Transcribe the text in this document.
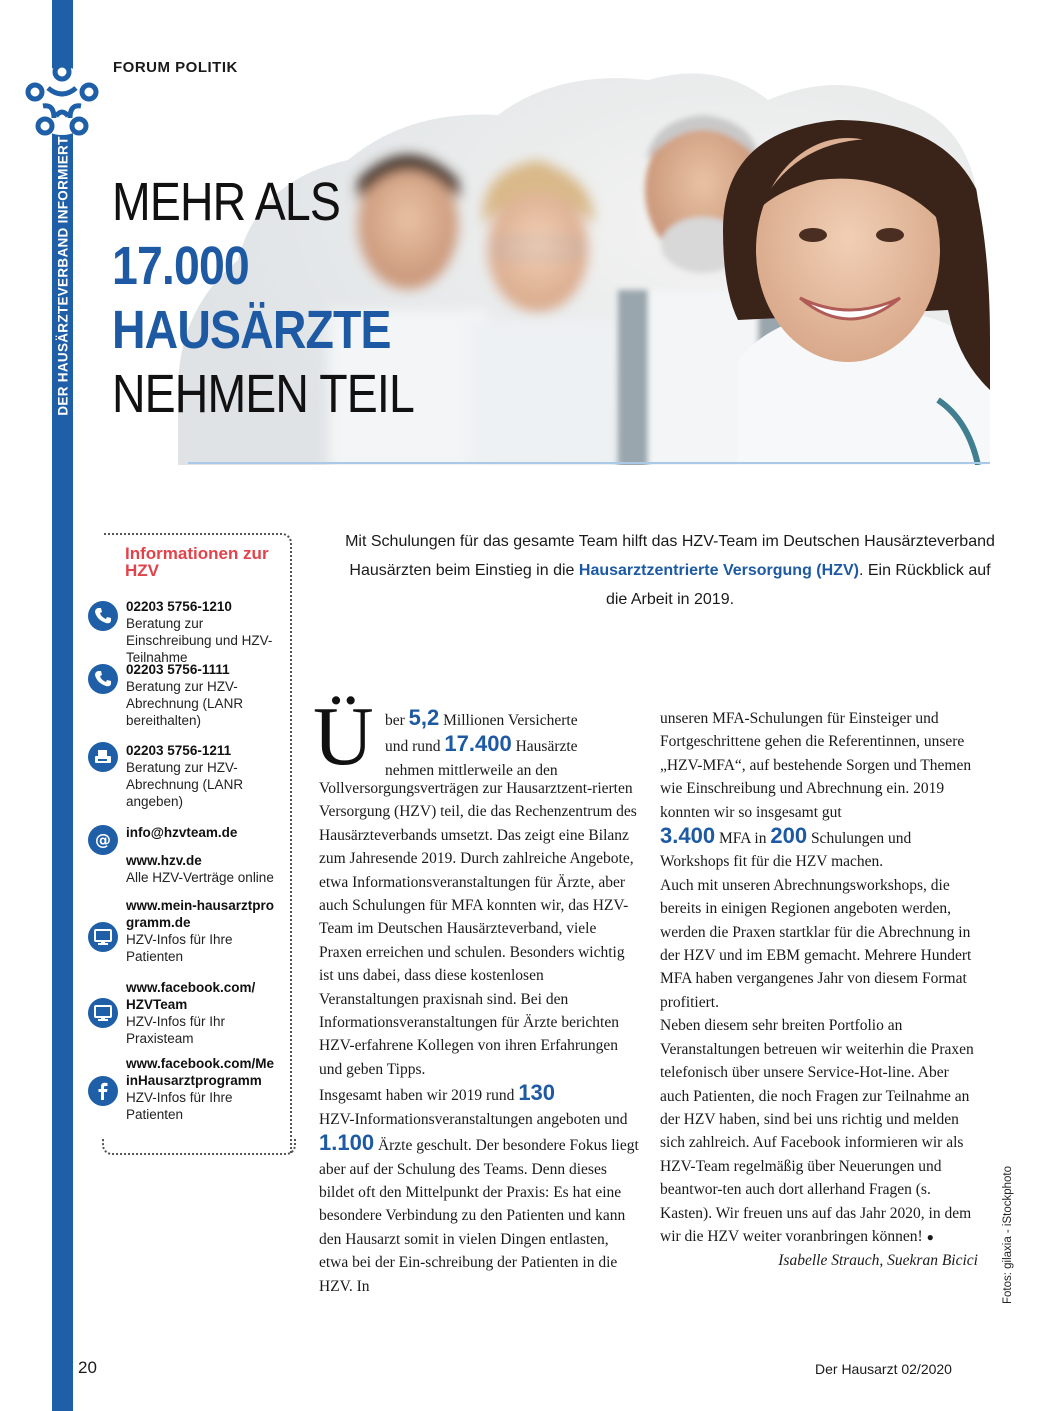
DER HAUSÄRZTEVERBAND INFORMIERT
FORUM POLITIK
MEHR ALS
17.000
HAUSÄRZTE
NEHMEN TEIL
Informationen zur HZV
@
02203 5756-1210
Beratung zur Einschreibung und HZV-Teilnahme
02203 5756-1111
Beratung zur HZV-Abrechnung (LANR bereithalten)
02203 5756-1211
Beratung zur HZV-Abrechnung (LANR angeben)
info@hzvteam.de
www.hzv.de
Alle HZV-Verträge online
www.mein-hausarztprogramm.de
HZV-Infos für Ihre Patienten
www.facebook.com/HZVTeam
HZV-Infos für Ihr Praxisteam
www.facebook.com/MeinHausarztprogramm
HZV-Infos für Ihre Patienten
Mit Schulungen für das gesamte Team hilft das HZV-Team im Deutschen Hausärzteverband Hausärzten beim Einstieg in die Hausarztzentrierte Versorgung (HZV). Ein Rückblick auf die Arbeit in 2019.
Ü ber 5,2 Millionen Versicherte
und rund 17.400 Hausärzte
nehmen mittlerweile an den
Vollversorgungsverträgen zur Hausarztzent-rierten Versorgung (HZV) teil, die das Rechenzentrum des Hausärzteverbands umsetzt. Das zeigt eine Bilanz zum Jahresende 2019. Durch zahlreiche Angebote, etwa Informationsveranstaltungen für Ärzte, aber auch Schulungen für MFA konnten wir, das HZV-Team im Deutschen Hausärzteverband, viele Praxen erreichen und schulen. Besonders wichtig ist uns dabei, dass diese kostenlosen Veranstaltungen praxisnah sind. Bei den Informationsveranstaltungen für Ärzte berichten HZV-erfahrene Kollegen von ihren Erfahrungen und geben Tipps.
Insgesamt haben wir 2019 rund 130
HZV-Informationsveranstaltungen angeboten und 1.100 Ärzte geschult. Der besondere Fokus liegt aber auf der Schulung des Teams. Denn dieses bildet oft den Mittelpunkt der Praxis: Es hat eine besondere Verbindung zu den Patienten und kann den Hausarzt somit in vielen Dingen entlasten, etwa bei der Ein-schreibung der Patienten in die HZV. In
unseren MFA-Schulungen für Einsteiger und Fortgeschrittene gehen die Referentinnen, unsere „HZV-MFA“, auf bestehende Sorgen und Themen wie Einschreibung und Abrechnung ein. 2019 konnten wir so insgesamt gut
3.400 MFA in 200 Schulungen und
Workshops fit für die HZV machen.
Auch mit unseren Abrechnungsworkshops, die bereits in einigen Regionen angeboten werden, werden die Praxen startklar für die Abrechnung in der HZV und im EBM gemacht. Mehrere Hundert MFA haben vergangenes Jahr von diesem Format profitiert.
Neben diesem sehr breiten Portfolio an Veranstaltungen betreuen wir weiterhin die Praxen telefonisch über unsere Service-Hot-line. Aber auch Patienten, die noch Fragen zur Teilnahme an der HZV haben, sind bei uns richtig und melden sich zahlreich. Auf Facebook informieren wir als HZV-Team regelmäßig über Neuerungen und beantwor-ten auch dort allerhand Fragen (s. Kasten). Wir freuen uns auf das Jahr 2020, in dem wir die HZV weiter voranbringen können! ●

Isabelle Strauch, Suekran Bicici Fotos: gilaxia - iStockphoto
20	Der Hausarzt 02/2020
